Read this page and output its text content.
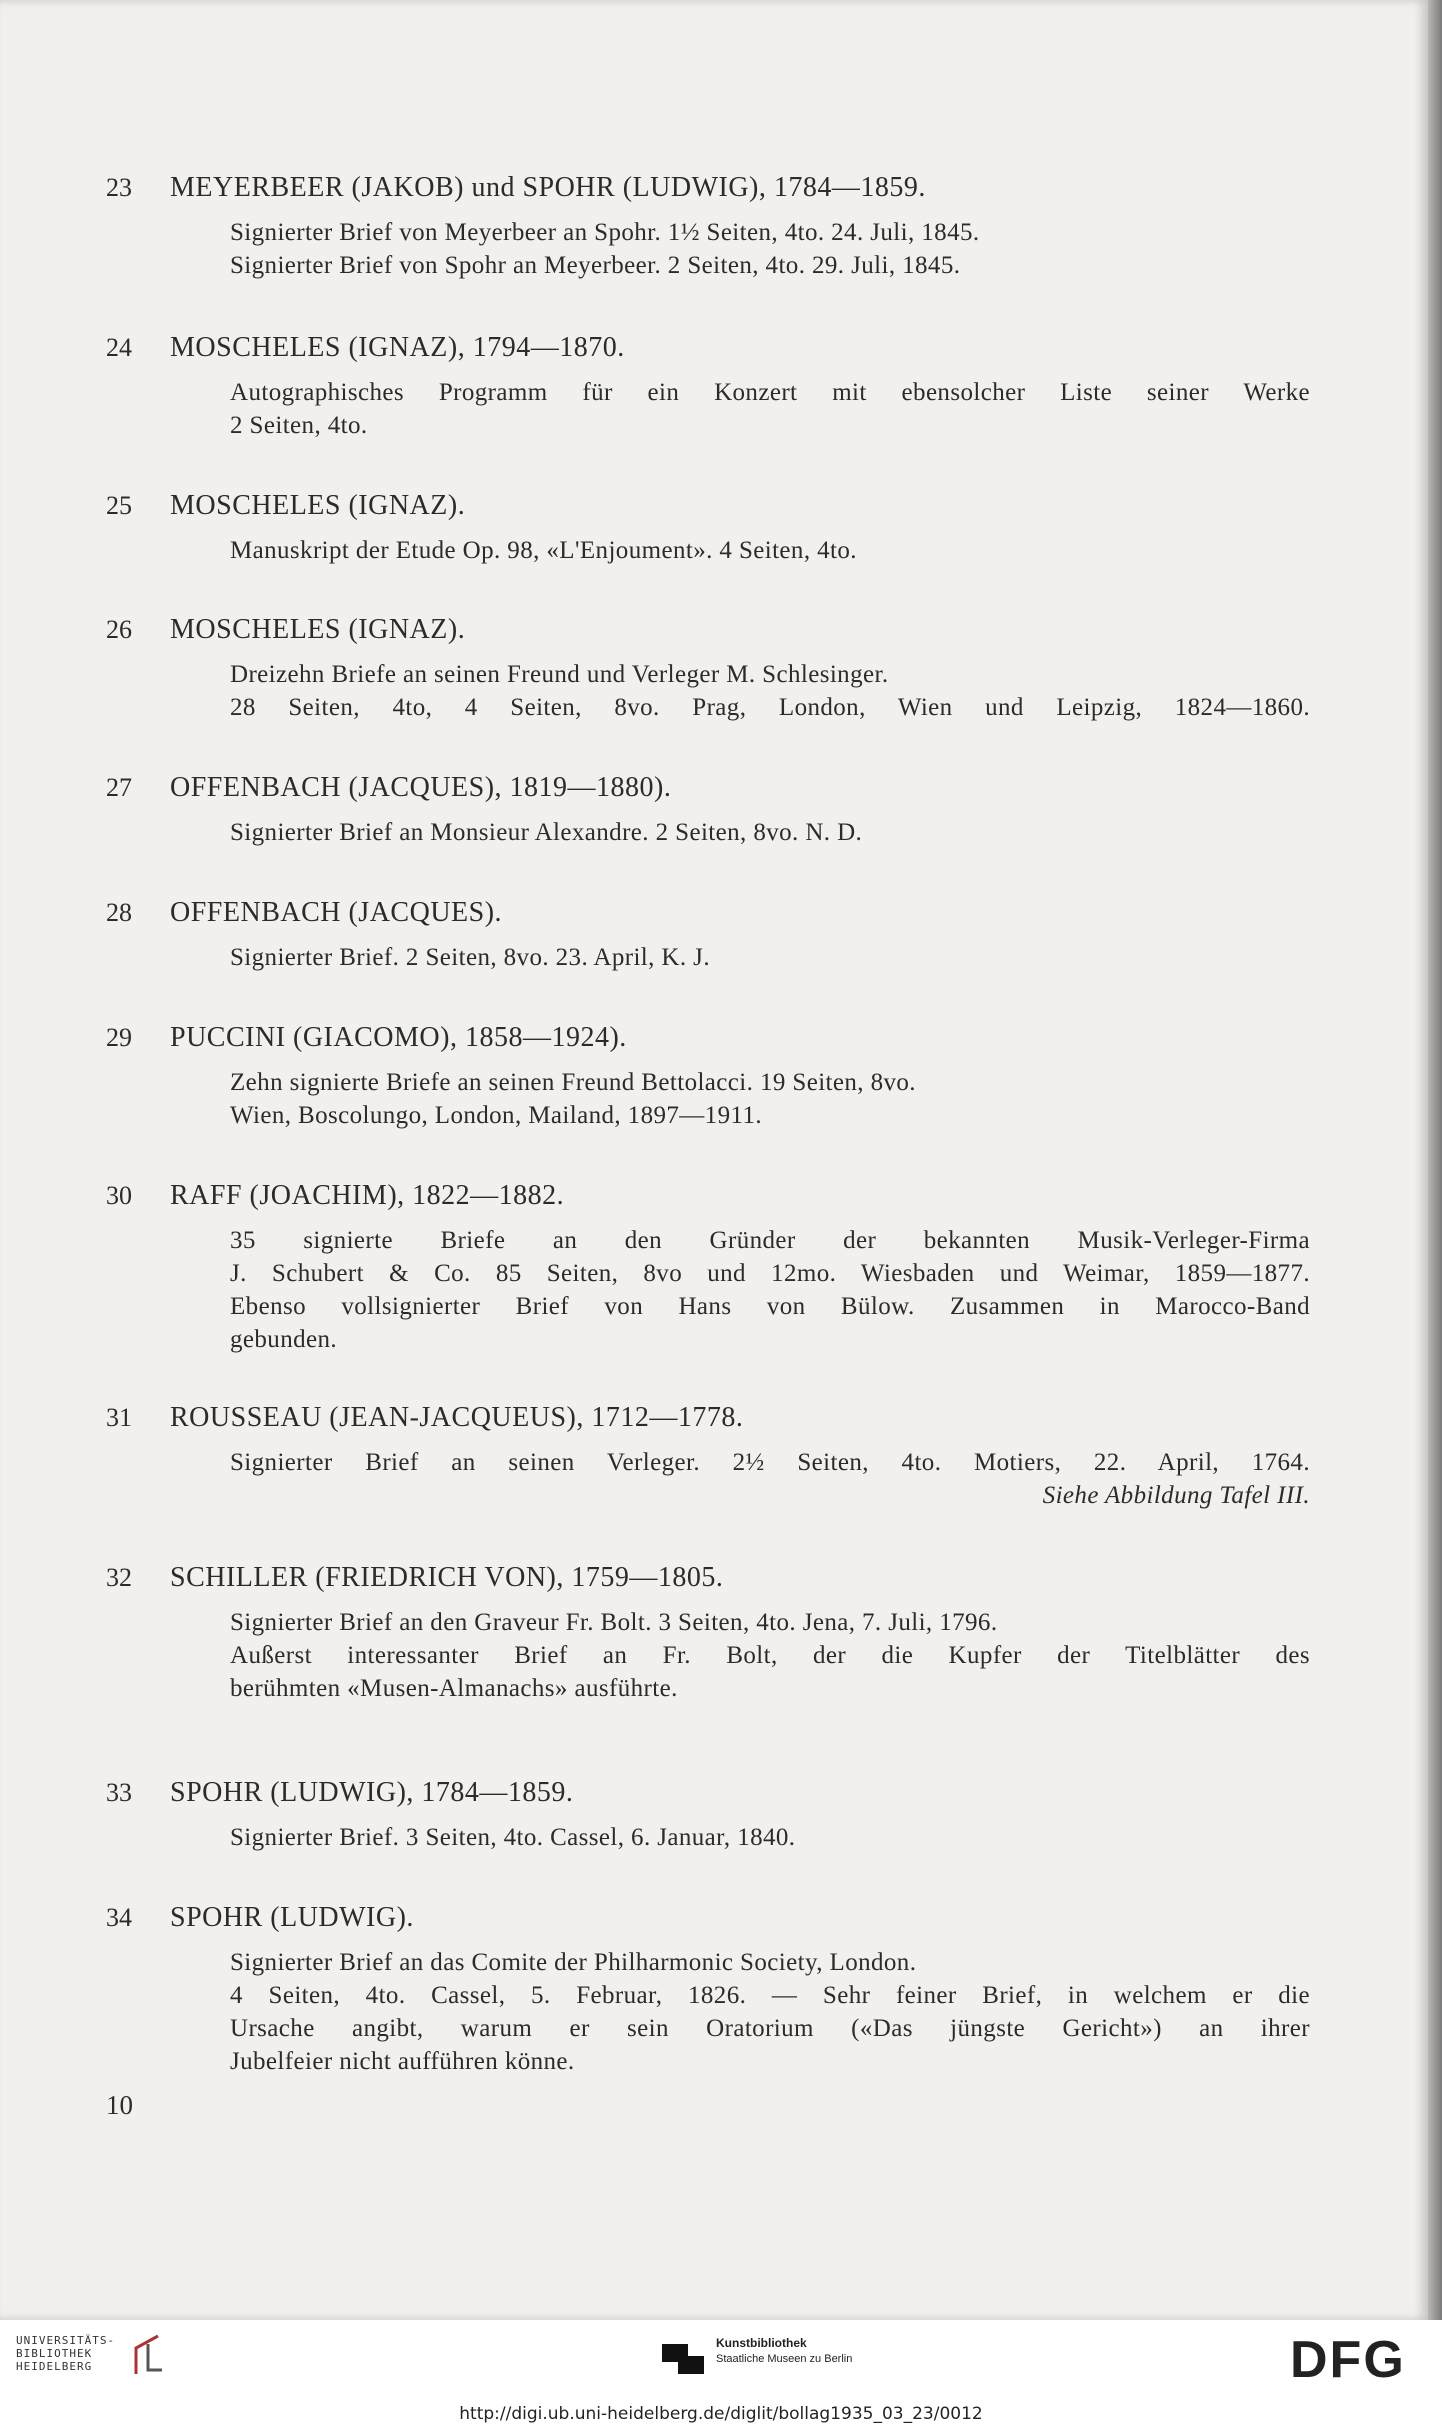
23 MEYERBEER (JAKOB) und SPOHR (LUDWIG), 1784—1859.
Signierter Brief von Meyerbeer an Spohr. 1½ Seiten, 4to. 24. Juli, 1845.
Signierter Brief von Spohr an Meyerbeer. 2 Seiten, 4to. 29. Juli, 1845.
24 MOSCHELES (IGNAZ), 1794—1870.
Autographisches Programm für ein Konzert mit ebensolcher Liste seiner Werke
2 Seiten, 4to.
25 MOSCHELES (IGNAZ).
Manuskript der Etude Op. 98, «L'Enjoument». 4 Seiten, 4to.
26 MOSCHELES (IGNAZ).
Dreizehn Briefe an seinen Freund und Verleger M. Schlesinger.
28 Seiten, 4to, 4 Seiten, 8vo. Prag, London, Wien und Leipzig, 1824—1860.
27 OFFENBACH (JACQUES), 1819—1880).
Signierter Brief an Monsieur Alexandre. 2 Seiten, 8vo. N. D.
28 OFFENBACH (JACQUES).
Signierter Brief. 2 Seiten, 8vo. 23. April, K. J.
29 PUCCINI (GIACOMO), 1858—1924).
Zehn signierte Briefe an seinen Freund Bettolacci. 19 Seiten, 8vo.
Wien, Boscolungo, London, Mailand, 1897—1911.
30 RAFF (JOACHIM), 1822—1882.
35 signierte Briefe an den Gründer der bekannten Musik-Verleger-Firma
J. Schubert & Co. 85 Seiten, 8vo und 12mo. Wiesbaden und Weimar, 1859—1877.
Ebenso vollsignierter Brief von Hans von Bülow. Zusammen in Marocco-Band
gebunden.
31 ROUSSEAU (JEAN-JACQUEUS), 1712—1778.
Signierter Brief an seinen Verleger. 2½ Seiten, 4to. Motiers, 22. April, 1764.
Siehe Abbildung Tafel III.
32 SCHILLER (FRIEDRICH VON), 1759—1805.
Signierter Brief an den Graveur Fr. Bolt. 3 Seiten, 4to. Jena, 7. Juli, 1796.
Außerst interessanter Brief an Fr. Bolt, der die Kupfer der Titelblätter des
berühmten «Musen-Almanachs» ausführte.
33 SPOHR (LUDWIG), 1784—1859.
Signierter Brief. 3 Seiten, 4to. Cassel, 6. Januar, 1840.
34 SPOHR (LUDWIG).
Signierter Brief an das Comite der Philharmonic Society, London.
4 Seiten, 4to. Cassel, 5. Februar, 1826. — Sehr feiner Brief, in welchem er die
Ursache angibt, warum er sein Oratorium («Das jüngste Gericht») an ihrer
Jubelfeier nicht aufführen könne.
10
UNIVERSITÄTS-
BIBLIOTHEK
HEIDELBERG
Kunstbibliothek
Staatliche Museen zu Berlin	DFG
http://digi.ub.uni-heidelberg.de/diglit/bollag1935_03_23/0012
